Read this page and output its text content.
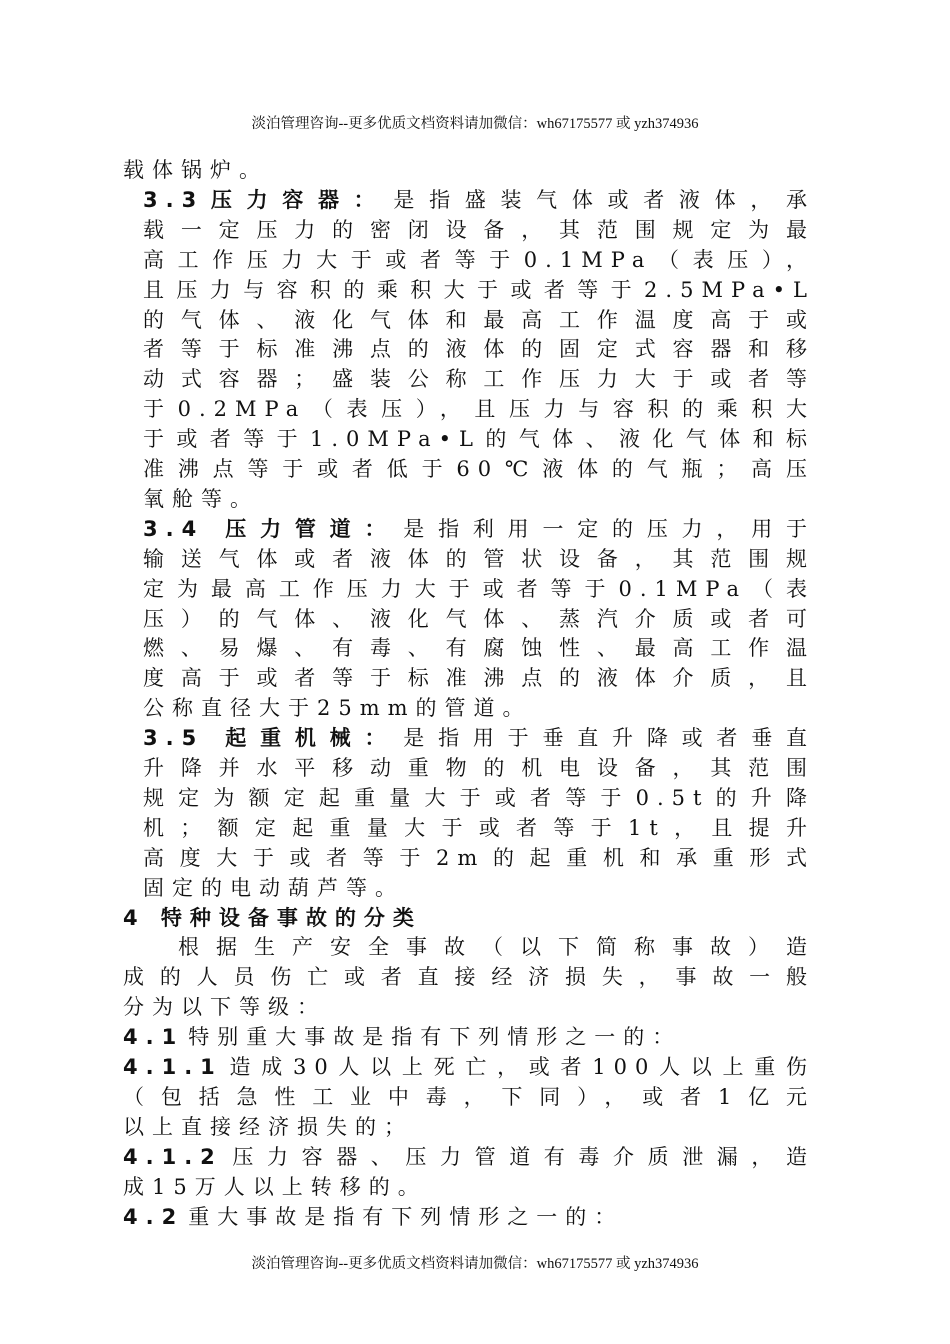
淡泊管理咨询--更多优质文档资料请加微信：wh67175577 或 yzh374936
载体锅炉。
3.3压力容器： 是指盛装气体或者液体，承
载一定压力的密闭设备，其范围规定为最
高工作压力大于或者等于0.1MPa（表压），
且压力与容积的乘积大于或者等于2.5MPa•L
的气体、液化气体和最高工作温度高于或
者等于标准沸点的液体的固定式容器和移
动式容器；盛装公称工作压力大于或者等
于0.2MPa（表压），且压力与容积的乘积大
于或者等于1.0MPa•L的气体、液化气体和标
准沸点等于或者低于60℃液体的气瓶；高压
氧舱等。
3.4 压力管道： 是指利用一定的压力，用于
输送气体或者液体的管状设备，其范围规
定为最高工作压力大于或者等于0.1MPa（表
压）的气体、液化气体、蒸汽介质或者可
燃、易爆、有毒、有腐蚀性、最高工作温
度高于或者等于标准沸点的液体介质，且
公称直径大于25mm的管道。
3.5 起重机械： 是指用于垂直升降或者垂直
升降并水平移动重物的机电设备，其范围
规定为额定起重量大于或者等于0.5t的升降
机；额定起重量大于或者等于1t，且提升
高度大于或者等于2m的起重机和承重形式
固定的电动葫芦等。
4 特种设备事故的分类
根据生产安全事故（以下简称事故）造
成的人员伤亡或者直接经济损失，事故一般
分为以下等级：
4.1 特别重大事故是指有下列情形之一的：
4.1.1 造成30人以上死亡，或者100人以上重伤
（包括急性工业中毒，下同），或者1亿元
以上直接经济损失的；
4.1.2 压力容器、压力管道有毒介质泄漏，造
成15万人以上转移的。
4.2 重大事故是指有下列情形之一的：
淡泊管理咨询--更多优质文档资料请加微信：wh67175577 或 yzh374936
